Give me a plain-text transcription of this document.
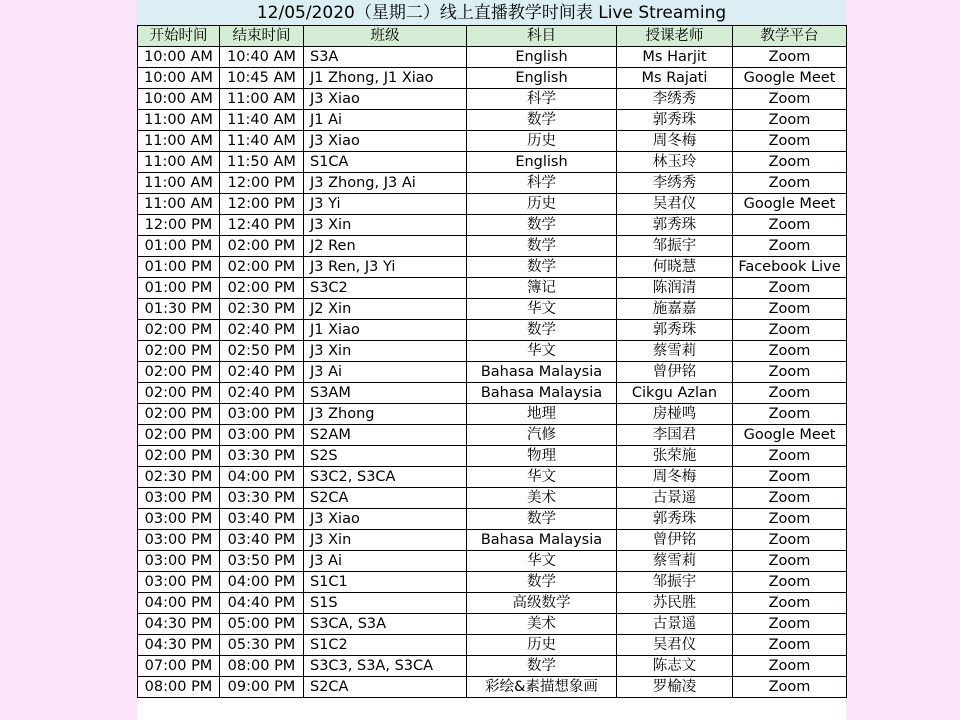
12/05/2020（星期二）线上直播教学时间表 Live Streaming
开始时间	结束时间	班级	科目	授课老师	教学平台
10:00 AM	10:40 AM	S3A	English	Ms Harjit	Zoom
10:00 AM	10:45 AM	J1 Zhong, J1 Xiao	English	Ms Rajati	Google Meet
10:00 AM	11:00 AM	J3 Xiao	科学	李绣秀	Zoom
11:00 AM	11:40 AM	J1 Ai	数学	郭秀珠	Zoom
11:00 AM	11:40 AM	J3 Xiao	历史	周冬梅	Zoom
11:00 AM	11:50 AM	S1CA	English	林玉玲	Zoom
11:00 AM	12:00 PM	J3 Zhong, J3 Ai	科学	李绣秀	Zoom
11:00 AM	12:00 PM	J3 Yi	历史	吴君仪	Google Meet
12:00 PM	12:40 PM	J3 Xin	数学	郭秀珠	Zoom
01:00 PM	02:00 PM	J2 Ren	数学	邹振宇	Zoom
01:00 PM	02:00 PM	J3 Ren, J3 Yi	数学	何晓慧	Facebook Live
01:00 PM	02:00 PM	S3C2	簿记	陈润清	Zoom
01:30 PM	02:30 PM	J2 Xin	华文	施嘉嘉	Zoom
02:00 PM	02:40 PM	J1 Xiao	数学	郭秀珠	Zoom
02:00 PM	02:50 PM	J3 Xin	华文	蔡雪莉	Zoom
02:00 PM	02:40 PM	J3 Ai	Bahasa Malaysia	曾伊铭	Zoom
02:00 PM	02:40 PM	S3AM	Bahasa Malaysia	Cikgu Azlan	Zoom
02:00 PM	03:00 PM	J3 Zhong	地理	房椪鸣	Zoom
02:00 PM	03:00 PM	S2AM	汽修	李国君	Google Meet
02:00 PM	03:30 PM	S2S	物理	张荣施	Zoom
02:30 PM	04:00 PM	S3C2, S3CA	华文	周冬梅	Zoom
03:00 PM	03:30 PM	S2CA	美术	古景遥	Zoom
03:00 PM	03:40 PM	J3 Xiao	数学	郭秀珠	Zoom
03:00 PM	03:40 PM	J3 Xin	Bahasa Malaysia	曾伊铭	Zoom
03:00 PM	03:50 PM	J3 Ai	华文	蔡雪莉	Zoom
03:00 PM	04:00 PM	S1C1	数学	邹振宇	Zoom
04:00 PM	04:40 PM	S1S	高级数学	苏民胜	Zoom
04:30 PM	05:00 PM	S3CA, S3A	美术	古景遥	Zoom
04:30 PM	05:30 PM	S1C2	历史	吴君仪	Zoom
07:00 PM	08:00 PM	S3C3, S3A, S3CA	数学	陈志文	Zoom
08:00 PM	09:00 PM	S2CA	彩绘&素描想象画	罗榆凌	Zoom
